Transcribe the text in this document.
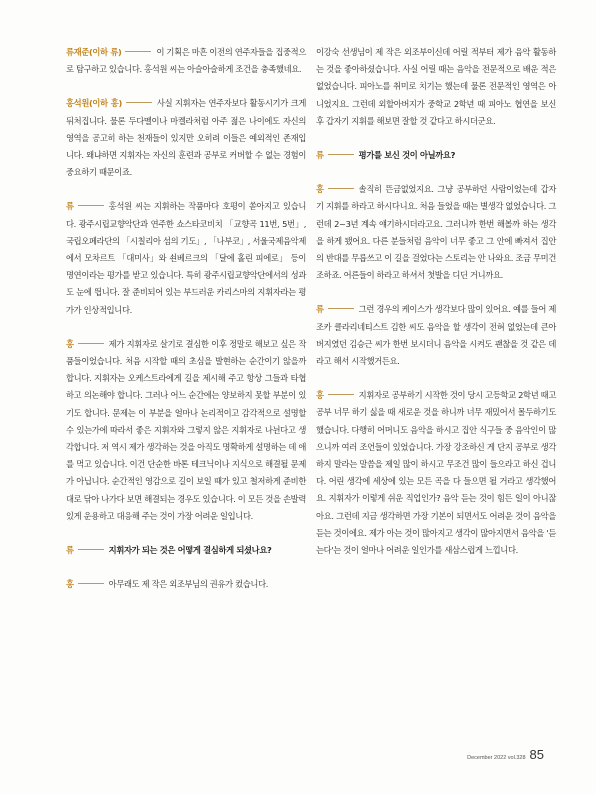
류재준(이하 류)	이 기획은 마흔 이전의 연주자들을 집중적으로 탐구하고 있습니다. 홍석원 씨는 아슬아슬하게 조건을 충족했네요.

홍석원(이하 홍)	사실 지휘자는 연주자보다 활동시기가 크게 뒤처집니다. 물론 두다멜이나 마켈라처럼 아주 젊은 나이에도 자신의 영역을 공고히 하는 천재들이 있지만 오히려 이들은 예외적인 존재입니다. 왜냐하면 지휘자는 자신의 훈련과 공부로 커버할 수 없는 경험이 중요하기 때문이죠.

류	홍석원 씨는 지휘하는 작품마다 호평이 쏟아지고 있습니다. 광주시립교향악단과 연주한 쇼스타코비치 「교향곡 11번, 5번」, 국립오페라단의 「시칠리아 섬의 기도」, 「나부코」, 서울국제음악제에서 모차르트 「대미사」와 쇤베르크의 「달에 홀린 피에로」 등이 명연이라는 평가를 받고 있습니다. 특히 광주시립교향악단에서의 성과도 눈에 띕니다. 잘 준비되어 있는 부드러운 카리스마의 지휘자라는 평가가 인상적입니다.

홍	제가 지휘자로 살기로 결심한 이후 정말로 해보고 싶은 작품들이었습니다. 처음 시작할 때의 초심을 발현하는 순간이기 않을까 합니다. 지휘자는 오케스트라에게 길을 제시해 주고 항상 그들과 타협하고 의논해야 합니다. 그러나 어느 순간에는 양보하지 못할 부분이 있기도 합니다. 문제는 이 부분을 얼마나 논리적이고 감각적으로 설명할 수 있는가에 따라서 좋은 지휘자와 그렇지 않은 지휘자로 나뉜다고 생각합니다. 저 역시 제가 생각하는 것을 아직도 명확하게 설명하는 데 애를 먹고 있습니다. 이건 단순한 바톤 테크닉이나 지식으로 해결될 문제가 아닙니다. 순간적인 영감으로 길이 보일 때가 있고 철저하게 준비한 대로 닦아 나가다 보면 해결되는 경우도 있습니다. 이 모든 것을 손발력 있게 운용하고 대응해 주는 것이 가장 어려운 일입니다.

류	지휘자가 되는 것은 어떻게 결심하게 되셨나요?

홍	아무래도 제 작은 외조부님의 권유가 컸습니다.

이강숙 선생님이 제 작은 외조부이신데 어릴 적부터 제가 음악 활동하는 것을 좋아하셨습니다. 사실 어릴 때는 음악을 전문적으로 배운 적은 없었습니다. 피아노를 취미로 치기는 했는데 물론 전문적인 영역은 아니었지요. 그런데 외할아버지가 중학교 2학년 때 피아노 협연을 보신 후 갑자기 지휘를 해보면 잘할 것 같다고 하시더군요.

류	평가를 보신 것이 아닐까요?

홍	솔직히 뜬금없었지요. 그냥 공부하던 사람이었는데 갑자기 지휘를 하라고 하시다니요. 처음 들었을 때는 별생각 없었습니다. 그런데 2~3년 계속 얘기하시더라고요. 그러니까 한번 해볼까 하는 생각을 하게 됐어요. 다른 분들처럼 음악이 너무 좋고 그 안에 빠져서 집안의 반대를 무릅쓰고 이 길을 걸었다는 스토리는 안 나와요. 조금 무미건조하죠. 어른들이 하라고 하셔서 첫발을 디딘 거니까요.

류	그런 경우의 케이스가 생각보다 많이 있어요. 예를 들어 제 조카 클라리네티스트 김한 씨도 음악을 할 생각이 전혀 없었는데 큰아버지였던 김승근 씨가 한번 보시더니 음악을 시켜도 괜찮을 것 같은 데라고 해서 시작했거든요.

홍	지휘자로 공부하기 시작한 것이 당시 고등학교 2학년 때고 공부 너무 하기 싫을 때 새로운 것을 하니까 너무 재밌어서 몰두하기도 했습니다. 다행히 어머니도 음악을 하시고 집안 식구들 중 음악인이 많으니까 여러 조언들이 있었습니다. 가장 강조하신 게 단지 공부로 생각하지 말라는 말씀을 제일 많이 하시고 무조건 많이 들으라고 하신 겁니다. 어린 생각에 세상에 있는 모든 곡을 다 들으면 될 거라고 생각했어요. 지휘자가 이렇게 쉬운 직업인가? 음악 듣는 것이 힘든 일이 아니잖아요. 그런데 지금 생각하면 가장 기본이 되면서도 어려운 것이 음악을 듣는 것이에요. 제가 아는 것이 많아지고 생각이 많아지면서 음악을 '듣는다'는 것이 얼마나 어려운 일인가를 새삼스럽게 느낍니다.

December 2022 vol.328 85
